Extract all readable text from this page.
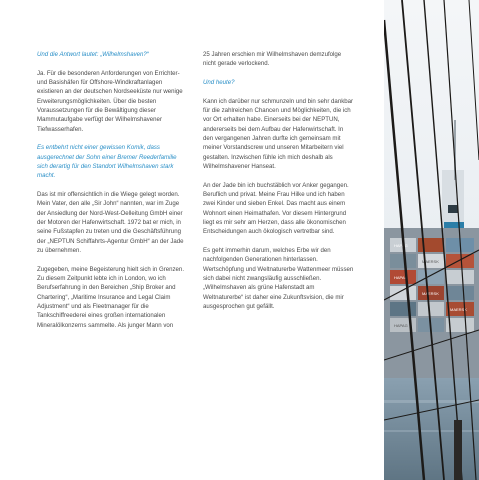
Und die Antwort lautet: „Wilhelmshaven?“

Ja. Für die besonderen Anforderungen von Errichter- und Basishäfen für Offshore-Windkraftanlagen existieren an der deutschen Nordseeküste nur wenige Erweiterungsmöglichkeiten. Über die besten Voraussetzungen für die Bewältigung dieser Mammutaufgabe verfügt der Wilhelmshavener Tiefwasserhafen.

Es entbehrt nicht einer gewissen Komik, dass ausgerechnet der Sohn einer Bremer Reederfamilie sich derartig für den Standort Wilhelmshaven stark macht.

Das ist mir offensichtlich in die Wiege gelegt worden. Mein Vater, den alle „Sir John“ nannten, war im Zuge der Ansiedlung der Nord-West-Oelleitung GmbH einer der Motoren der Hafenwirtschaft. 1972 bat er mich, in seine Fußstapfen zu treten und die Geschäftsführung der „NEPTUN Schiffahrts-Agentur GmbH“ an der Jade zu übernehmen.

Zugegeben, meine Begeisterung hielt sich in Grenzen. Zu diesem Zeitpunkt lebte ich in London, wo ich Berufserfahrung in den Bereichen „Ship Broker and Chartering“, „Maritime Insurance and Legal Claim Adjustment“ und als Fleetmanager für die Tankschiffreederei eines großen internationalen Mineralölkonzerns sammelte. Als junger Mann von

25 Jahren erschien mir Wilhelmshaven demzufolge nicht gerade verlockend.

Und heute?

Kann ich darüber nur schmunzeln und bin sehr dankbar für die zahlreichen Chancen und Möglichkeiten, die ich vor Ort erhalten habe. Einerseits bei der NEPTUN, andererseits bei dem Aufbau der Hafenwirtschaft. In den vergangenen Jahren durfte ich gemeinsam mit meiner Vorstandscrew und unseren Mitarbeitern viel gestalten. Inzwischen fühle ich mich deshalb als Wilhelmshavener Hanseat.

An der Jade bin ich buchstäblich vor Anker gegangen. Beruflich und privat. Meine Frau Hilke und ich haben zwei Kinder und sieben Enkel. Das macht aus einem Wohnort einen Heimathafen. Vor diesem Hintergrund liegt es mir sehr am Herzen, dass alle ökonomischen Entscheidungen auch ökologisch vertretbar sind.

Es geht immerhin darum, welches Erbe wir den nachfolgenden Generationen hinterlassen. Wertschöpfung und Weltnaturerbe Wattenmeer müssen sich dabei nicht zwangsläufig ausschließen. „Wilhelmshaven als grüne Hafenstadt am Weltnaturerbe“ ist daher eine Zukunftsvision, die mir ausgesprochen gut gefällt.

HAPAG
MAERSK
HAPAG
MAERSK
MAERSK
HAPAG
